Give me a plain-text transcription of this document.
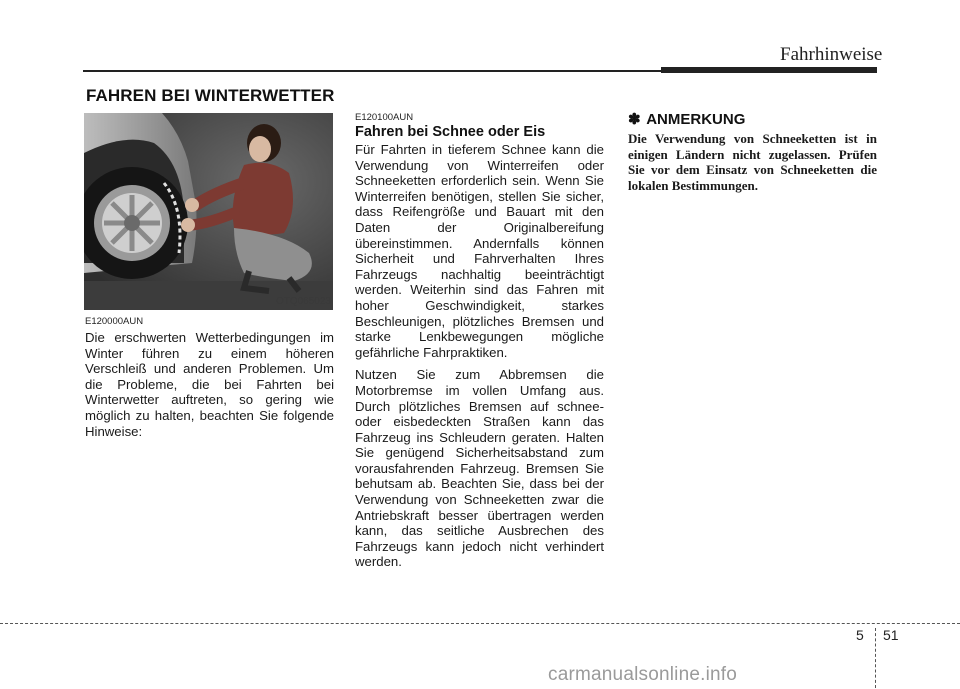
Fahrhinweise
FAHREN BEI WINTERWETTER
OTQ065023
E120000AUN

Die erschwerten Wetterbedingungen im Winter führen zu einem höheren Verschleiß und anderen Problemen. Um die Probleme, die bei Fahrten bei Winterwetter auftreten, so gering wie möglich zu halten, beachten Sie folgende Hinweise:

E120100AUN
Fahren bei Schnee oder Eis

Für Fahrten in tieferem Schnee kann die Verwendung von Winterreifen oder Schneeketten erforderlich sein. Wenn Sie Winterreifen benötigen, stellen Sie sicher, dass Reifengröße und Bauart mit den Daten der Originalbereifung übereinstimmen. Andernfalls können Sicherheit und Fahrverhalten Ihres Fahrzeugs nachhaltig beeinträchtigt werden. Weiterhin sind das Fahren mit hoher Geschwindigkeit, starkes Beschleunigen, plötzliches Bremsen und starke Lenkbewegungen mögliche gefährliche Fahrpraktiken.

Nutzen Sie zum Abbremsen die Motorbremse im vollen Umfang aus. Durch plötzliches Bremsen auf schnee- oder eisbedeckten Straßen kann das Fahrzeug ins Schleudern geraten. Halten Sie genügend Sicherheitsabstand zum vorausfahrenden Fahrzeug. Bremsen Sie behutsam ab. Beachten Sie, dass bei der Verwendung von Schneeketten zwar die Antriebskraft besser übertragen werden kann, das seitliche Ausbrechen des Fahrzeugs kann jedoch nicht verhindert werden.

✽ ANMERKUNG
Die Verwendung von Schneeketten ist in einigen Ländern nicht zugelassen. Prüfen Sie vor dem Einsatz von Schneeketten die lokalen Bestimmungen.
5 51
carmanualsonline.info
